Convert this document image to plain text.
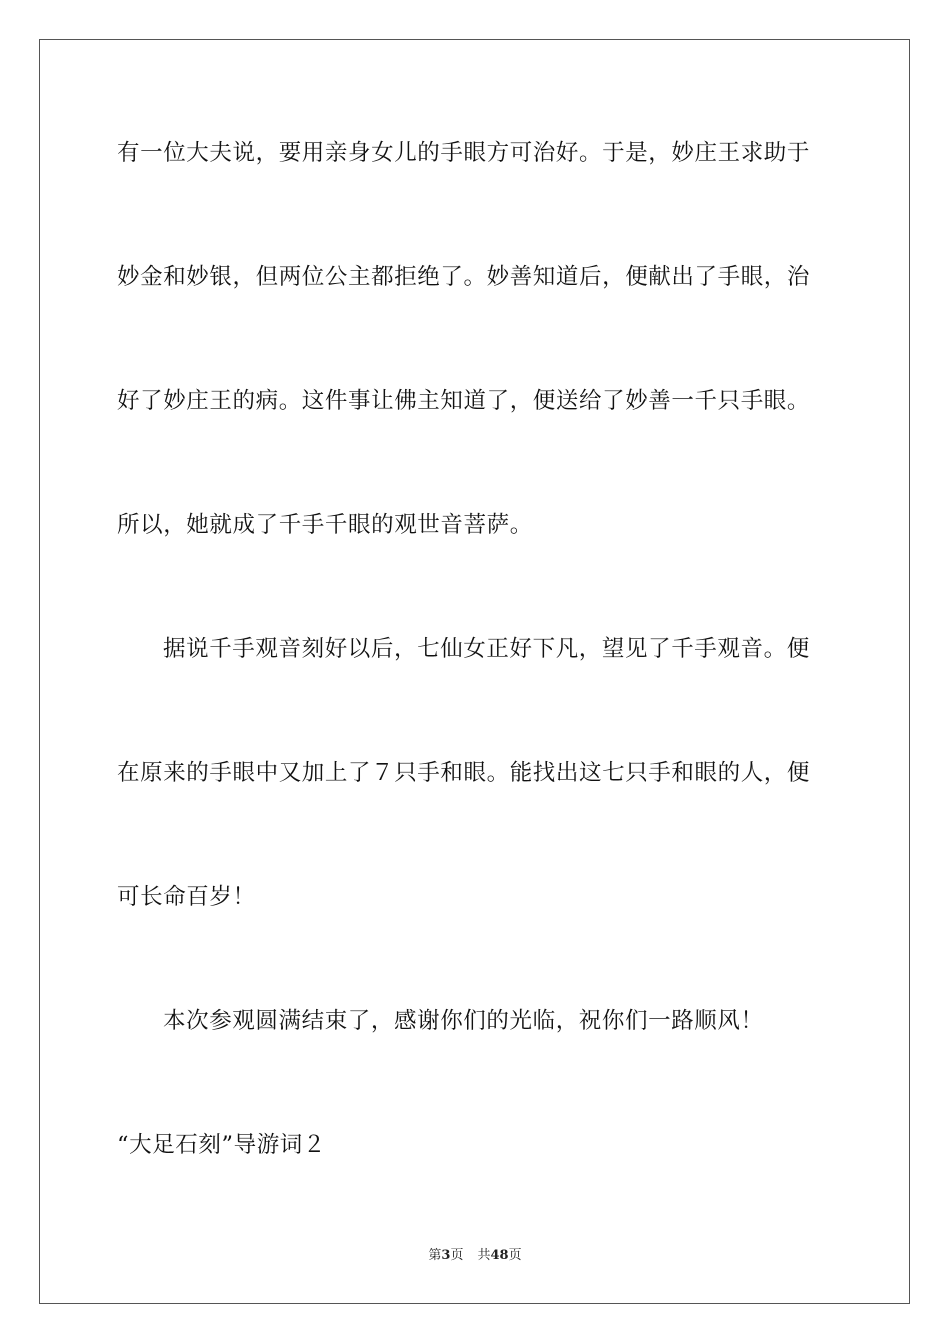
有一位大夫说，要用亲身女儿的手眼方可治好。于是，妙庄王求助于
妙金和妙银，但两位公主都拒绝了。妙善知道后，便献出了手眼，治
好了妙庄王的病。这件事让佛主知道了，便送给了妙善一千只手眼。
所以，她就成了千手千眼的观世音菩萨。
据说千手观音刻好以后，七仙女正好下凡，望见了千手观音。便
在原来的手眼中又加上了７只手和眼。能找出这七只手和眼的人，便
可长命百岁！
本次参观圆满结束了，感谢你们的光临，祝你们一路顺风！
“大足石刻”导游词２
第3页 共48页
